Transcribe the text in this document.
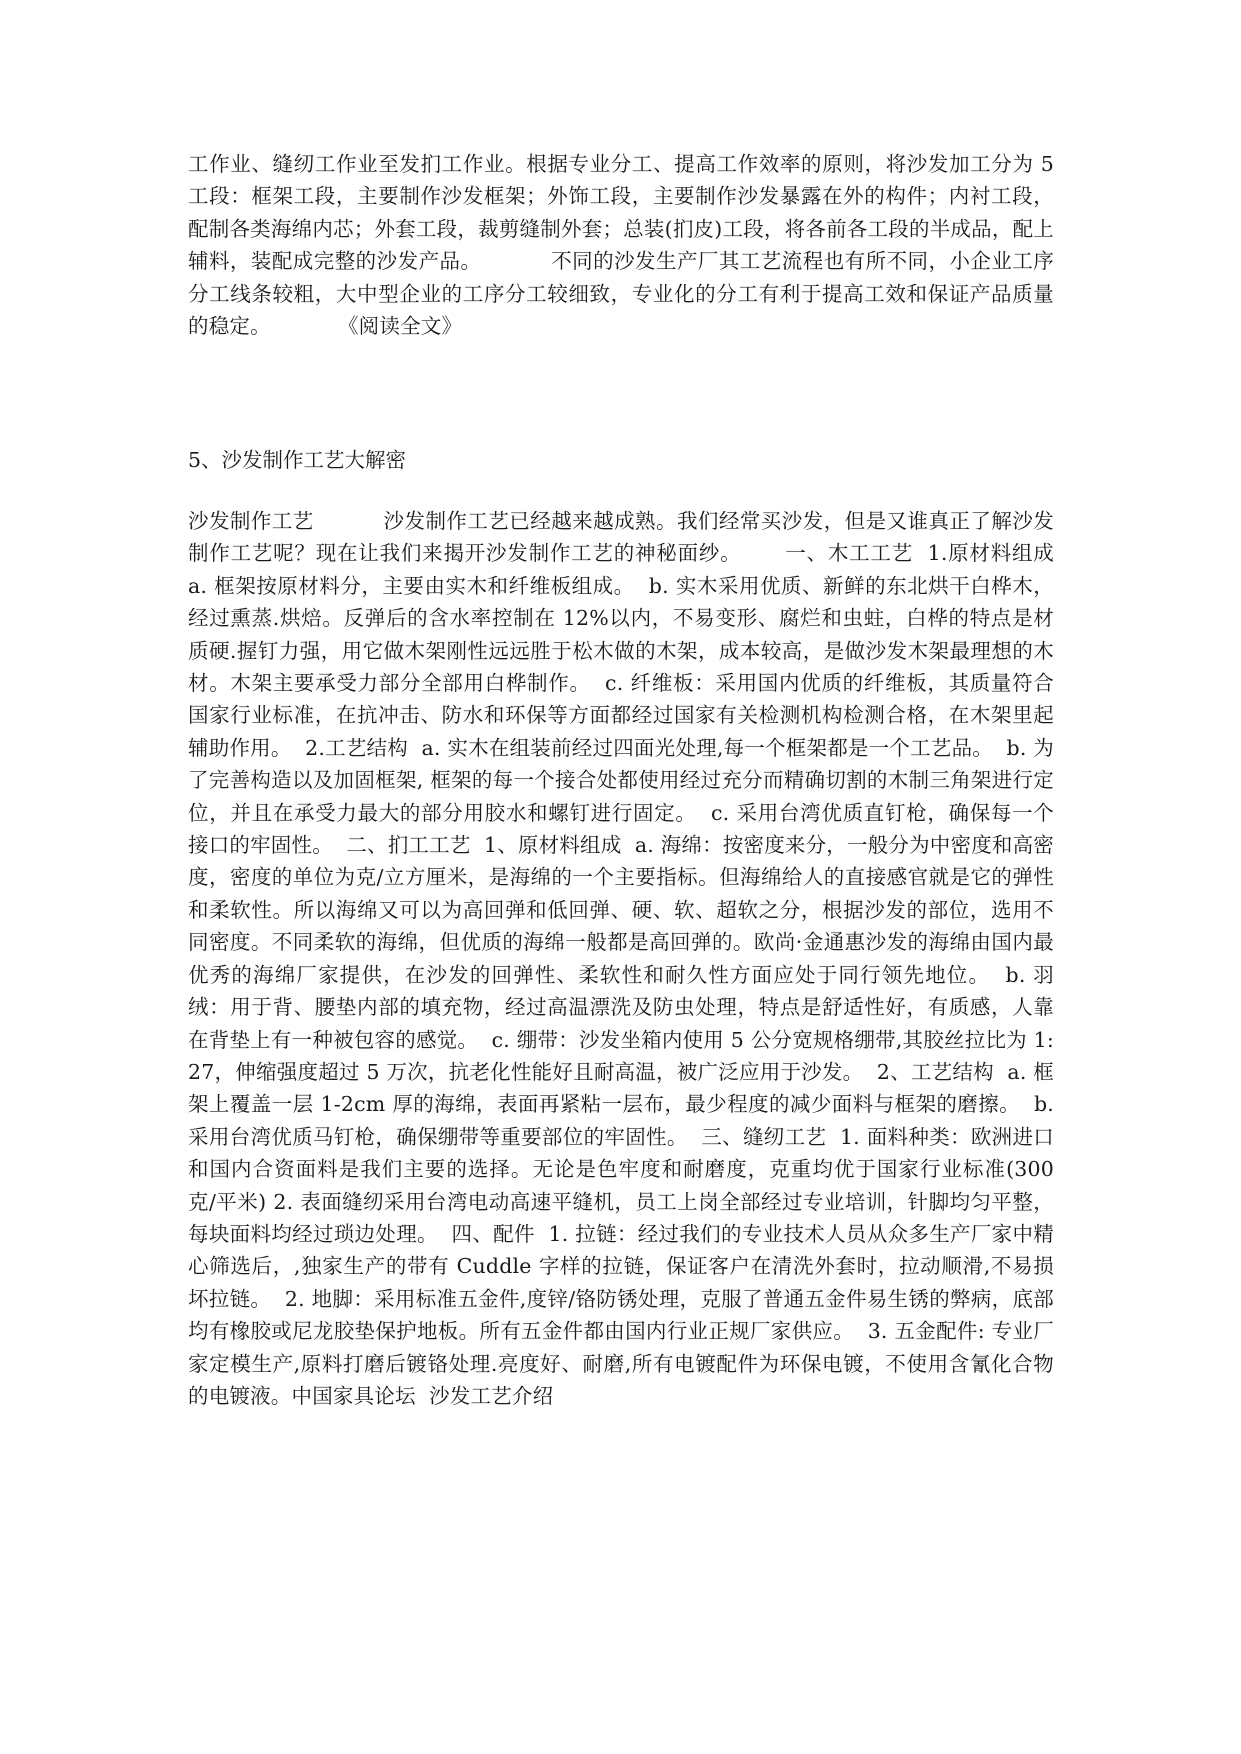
工作业、缝纫工作业至发扪工作业。根据专业分工、提高工作效率的原则，将沙发加工分为 5 工段：框架工段，主要制作沙发框架；外饰工段，主要制作沙发暴露在外的构件；内衬工段，配制各类海绵内芯；外套工段，裁剪缝制外套；总装(扪皮)工段，将各前各工段的半成品，配上辅料，装配成完整的沙发产品。          不同的沙发生产厂其工艺流程也有所不同，小企业工序分工线条较粗，大中型企业的工序分工较细致，专业化的分工有利于提高工效和保证产品质量的稳定。          《阅读全文》

5、沙发制作工艺大解密

沙发制作工艺          沙发制作工艺已经越来越成熟。我们经常买沙发，但是又谁真正了解沙发制作工艺呢？现在让我们来揭开沙发制作工艺的神秘面纱。      一、木工工艺  1.原材料组成  a. 框架按原材料分，主要由实木和纤维板组成。  b. 实木采用优质、新鲜的东北烘干白桦木，经过熏蒸.烘焙。反弹后的含水率控制在 12%以内，不易变形、腐烂和虫蛀，白桦的特点是材质硬.握钉力强，用它做木架刚性远远胜于松木做的木架，成本较高，是做沙发木架最理想的木材。木架主要承受力部分全部用白桦制作。  c. 纤维板：采用国内优质的纤维板，其质量符合国家行业标准，在抗冲击、防水和环保等方面都经过国家有关检测机构检测合格，在木架里起辅助作用。  2.工艺结构  a. 实木在组装前经过四面光处理,每一个框架都是一个工艺品。  b. 为了完善构造以及加固框架, 框架的每一个接合处都使用经过充分而精确切割的木制三角架进行定位，并且在承受力最大的部分用胶水和螺钉进行固定。  c. 采用台湾优质直钉枪，确保每一个接口的牢固性。  二、扪工工艺  1、原材料组成  a. 海绵：按密度来分，一般分为中密度和高密度，密度的单位为克/立方厘米，是海绵的一个主要指标。但海绵给人的直接感官就是它的弹性和柔软性。所以海绵又可以为高回弹和低回弹、硬、软、超软之分，根据沙发的部位，选用不同密度。不同柔软的海绵，但优质的海绵一般都是高回弹的。欧尚·金通惠沙发的海绵由国内最优秀的海绵厂家提供，在沙发的回弹性、柔软性和耐久性方面应处于同行领先地位。  b. 羽绒：用于背、腰垫内部的填充物，经过高温漂洗及防虫处理，特点是舒适性好，有质感，人靠在背垫上有一种被包容的感觉。  c. 绷带：沙发坐箱内使用 5 公分宽规格绷带,其胶丝拉比为 1:27，伸缩强度超过 5 万次，抗老化性能好且耐高温，被广泛应用于沙发。  2、工艺结构  a. 框架上覆盖一层 1-2cm 厚的海绵，表面再紧粘一层布，最少程度的减少面料与框架的磨擦。  b. 采用台湾优质马钉枪，确保绷带等重要部位的牢固性。  三、缝纫工艺  1. 面料种类：欧洲进口和国内合资面料是我们主要的选择。无论是色牢度和耐磨度，克重均优于国家行业标准(300 克/平米) 2. 表面缝纫采用台湾电动高速平缝机，员工上岗全部经过专业培训，针脚均匀平整，每块面料均经过琐边处理。  四、配件  1. 拉链：经过我们的专业技术人员从众多生产厂家中精心筛选后，,独家生产的带有 Cuddle 字样的拉链，保证客户在清洗外套时，拉动顺滑,不易损坏拉链。  2. 地脚：采用标准五金件,度锌/铬防锈处理，克服了普通五金件易生锈的弊病，底部均有橡胶或尼龙胶垫保护地板。所有五金件都由国内行业正规厂家供应。  3. 五金配件: 专业厂家定模生产,原料打磨后镀铬处理.亮度好、耐磨,所有电镀配件为环保电镀，不使用含氰化合物的电镀液。中国家具论坛  沙发工艺介绍
